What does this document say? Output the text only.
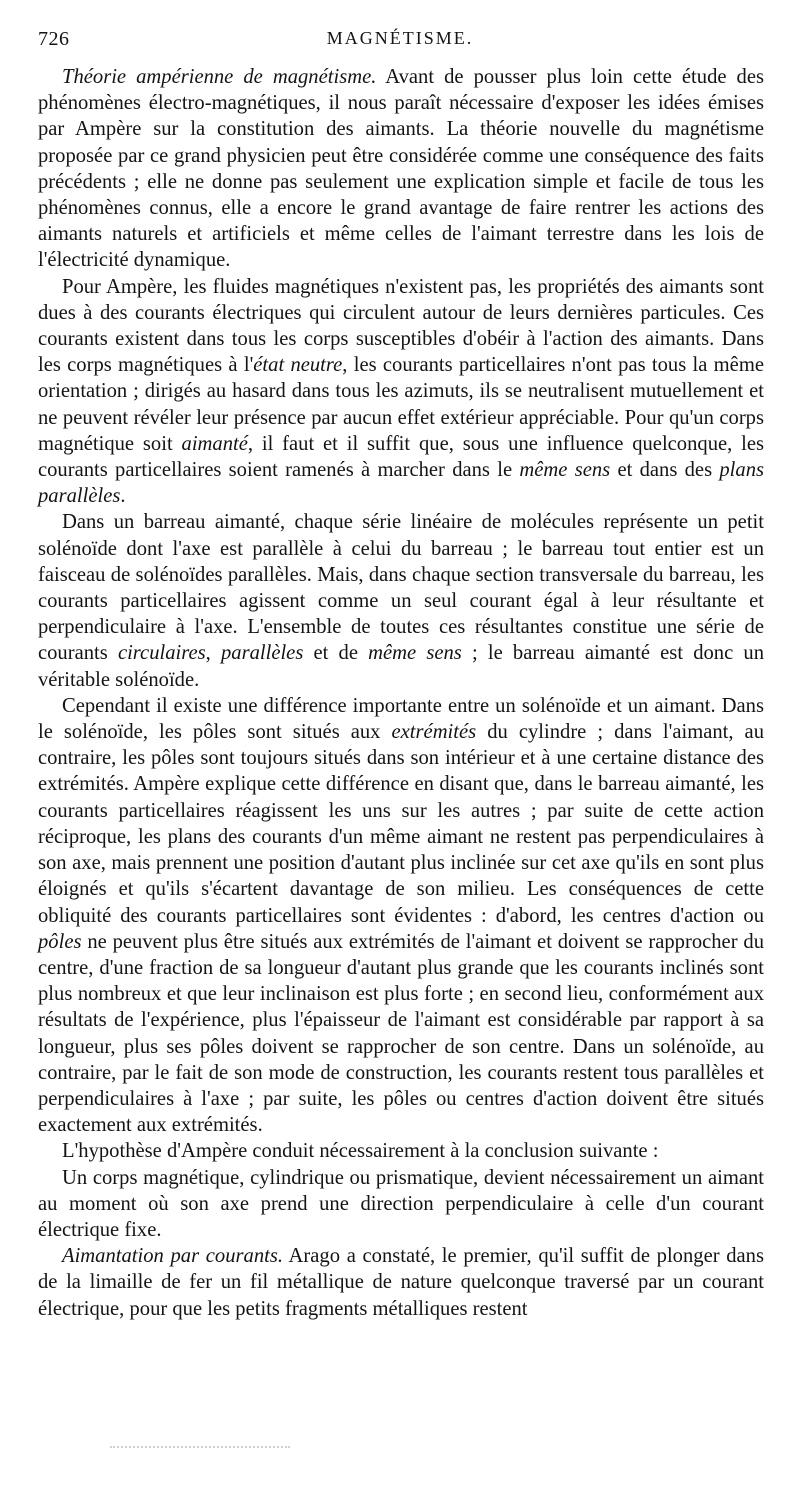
726	MAGNÉTISME.

Théorie ampérienne de magnétisme. Avant de pousser plus loin cette étude des phénomènes électro-magnétiques, il nous paraît nécessaire d'exposer les idées émises par Ampère sur la constitution des aimants. La théorie nouvelle du magnétisme proposée par ce grand physicien peut être considérée comme une conséquence des faits précédents ; elle ne donne pas seulement une explication simple et facile de tous les phénomènes connus, elle a encore le grand avantage de faire rentrer les actions des aimants naturels et artificiels et même celles de l'aimant terrestre dans les lois de l'électricité dynamique.

Pour Ampère, les fluides magnétiques n'existent pas, les propriétés des aimants sont dues à des courants électriques qui circulent autour de leurs dernières particules. Ces courants existent dans tous les corps susceptibles d'obéir à l'action des aimants. Dans les corps magnétiques à l'état neutre, les courants particellaires n'ont pas tous la même orientation ; dirigés au hasard dans tous les azimuts, ils se neutralisent mutuellement et ne peuvent révéler leur présence par aucun effet extérieur appréciable. Pour qu'un corps magnétique soit aimanté, il faut et il suffit que, sous une influence quelconque, les courants particellaires soient ramenés à marcher dans le même sens et dans des plans parallèles.

Dans un barreau aimanté, chaque série linéaire de molécules représente un petit solénoïde dont l'axe est parallèle à celui du barreau ; le barreau tout entier est un faisceau de solénoïdes parallèles. Mais, dans chaque section transversale du barreau, les courants particellaires agissent comme un seul courant égal à leur résultante et perpendiculaire à l'axe. L'ensemble de toutes ces résultantes constitue une série de courants circulaires, parallèles et de même sens ; le barreau aimanté est donc un véritable solénoïde.

Cependant il existe une différence importante entre un solénoïde et un aimant. Dans le solénoïde, les pôles sont situés aux extrémités du cylindre ; dans l'aimant, au contraire, les pôles sont toujours situés dans son intérieur et à une certaine distance des extrémités. Ampère explique cette différence en disant que, dans le barreau aimanté, les courants particellaires réagissent les uns sur les autres ; par suite de cette action réciproque, les plans des courants d'un même aimant ne restent pas perpendiculaires à son axe, mais prennent une position d'autant plus inclinée sur cet axe qu'ils en sont plus éloignés et qu'ils s'écartent davantage de son milieu. Les conséquences de cette obliquité des courants particellaires sont évidentes : d'abord, les centres d'action ou pôles ne peuvent plus être situés aux extrémités de l'aimant et doivent se rapprocher du centre, d'une fraction de sa longueur d'autant plus grande que les courants inclinés sont plus nombreux et que leur inclinaison est plus forte ; en second lieu, conformément aux résultats de l'expérience, plus l'épaisseur de l'aimant est considérable par rapport à sa longueur, plus ses pôles doivent se rapprocher de son centre. Dans un solénoïde, au contraire, par le fait de son mode de construction, les courants restent tous parallèles et perpendiculaires à l'axe ; par suite, les pôles ou centres d'action doivent être situés exactement aux extrémités.

L'hypothèse d'Ampère conduit nécessairement à la conclusion suivante :

Un corps magnétique, cylindrique ou prismatique, devient nécessairement un aimant au moment où son axe prend une direction perpendiculaire à celle d'un courant électrique fixe.

Aimantation par courants. Arago a constaté, le premier, qu'il suffit de plonger dans de la limaille de fer un fil métallique de nature quelconque traversé par un courant électrique, pour que les petits fragments métalliques restent
